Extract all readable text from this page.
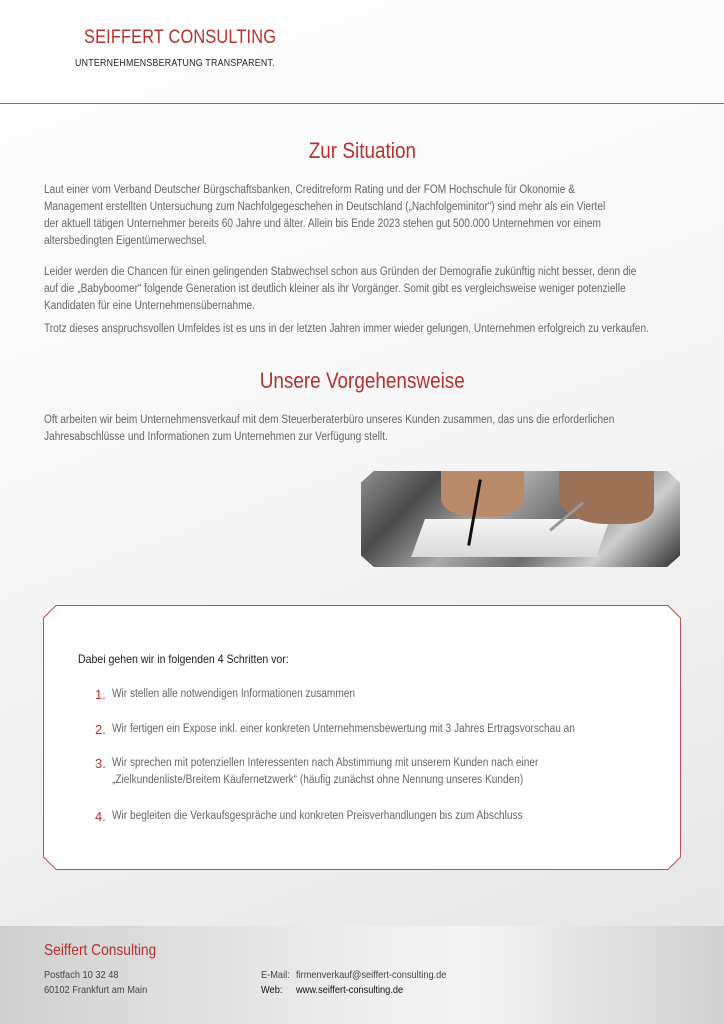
SEIFFERT CONSULTING
UNTERNEHMENSBERATUNG TRANSPARENT.
Zur Situation
Laut einer vom Verband Deutscher Bürgschaftsbanken, Creditreform Rating und der FOM Hochschule für Ökonomie &
Management erstellten Untersuchung zum Nachfolgegeschehen in Deutschland („Nachfolgeminitor“) sind mehr als ein Viertel
der aktuell tätigen Unternehmer bereits 60 Jahre und älter. Allein bis Ende 2023 stehen gut 500.000 Unternehmen vor einem
altersbedingten Eigentümerwechsel.
Leider werden die Chancen für einen gelingenden Stabwechsel schon aus Gründen der Demografie zukünftig nicht besser, denn die
auf die „Babyboomer“ folgende Generation ist deutlich kleiner als ihr Vorgänger. Somit gibt es vergleichsweise weniger potenzielle
Kandidaten für eine Unternehmensübernahme.
Trotz dieses anspruchsvollen Umfeldes ist es uns in der letzten Jahren immer wieder gelungen, Unternehmen erfolgreich zu verkaufen.
Unsere Vorgehensweise
Oft arbeiten wir beim Unternehmensverkauf mit dem Steuerberaterbüro unseres Kunden zusammen, das uns die erforderlichen
Jahresabschlüsse und Informationen zum Unternehmen zur Verfügung stellt.
Dabei gehen wir in folgenden 4 Schritten vor:
1. Wir stellen alle notwendigen Informationen zusammen
2. Wir fertigen ein Expose inkl. einer konkreten Unternehmensbewertung mit 3 Jahres Ertragsvorschau an
3. Wir sprechen mit potenziellen Interessenten nach Abstimmung mit unserem Kunden nach einer
„Zielkundenliste/Breitem Käufernetzwerk“ (häufig zunächst ohne Nennung unseres Kunden)
4. Wir begleiten die Verkaufsgespräche und konkreten Preisverhandlungen bis zum Abschluss
Seiffert Consulting
Postfach 10 32 48
60102 Frankfurt am Main
E-Mail: firmenverkauf@seiffert-consulting.de
Web: www.seiffert-consulting.de
